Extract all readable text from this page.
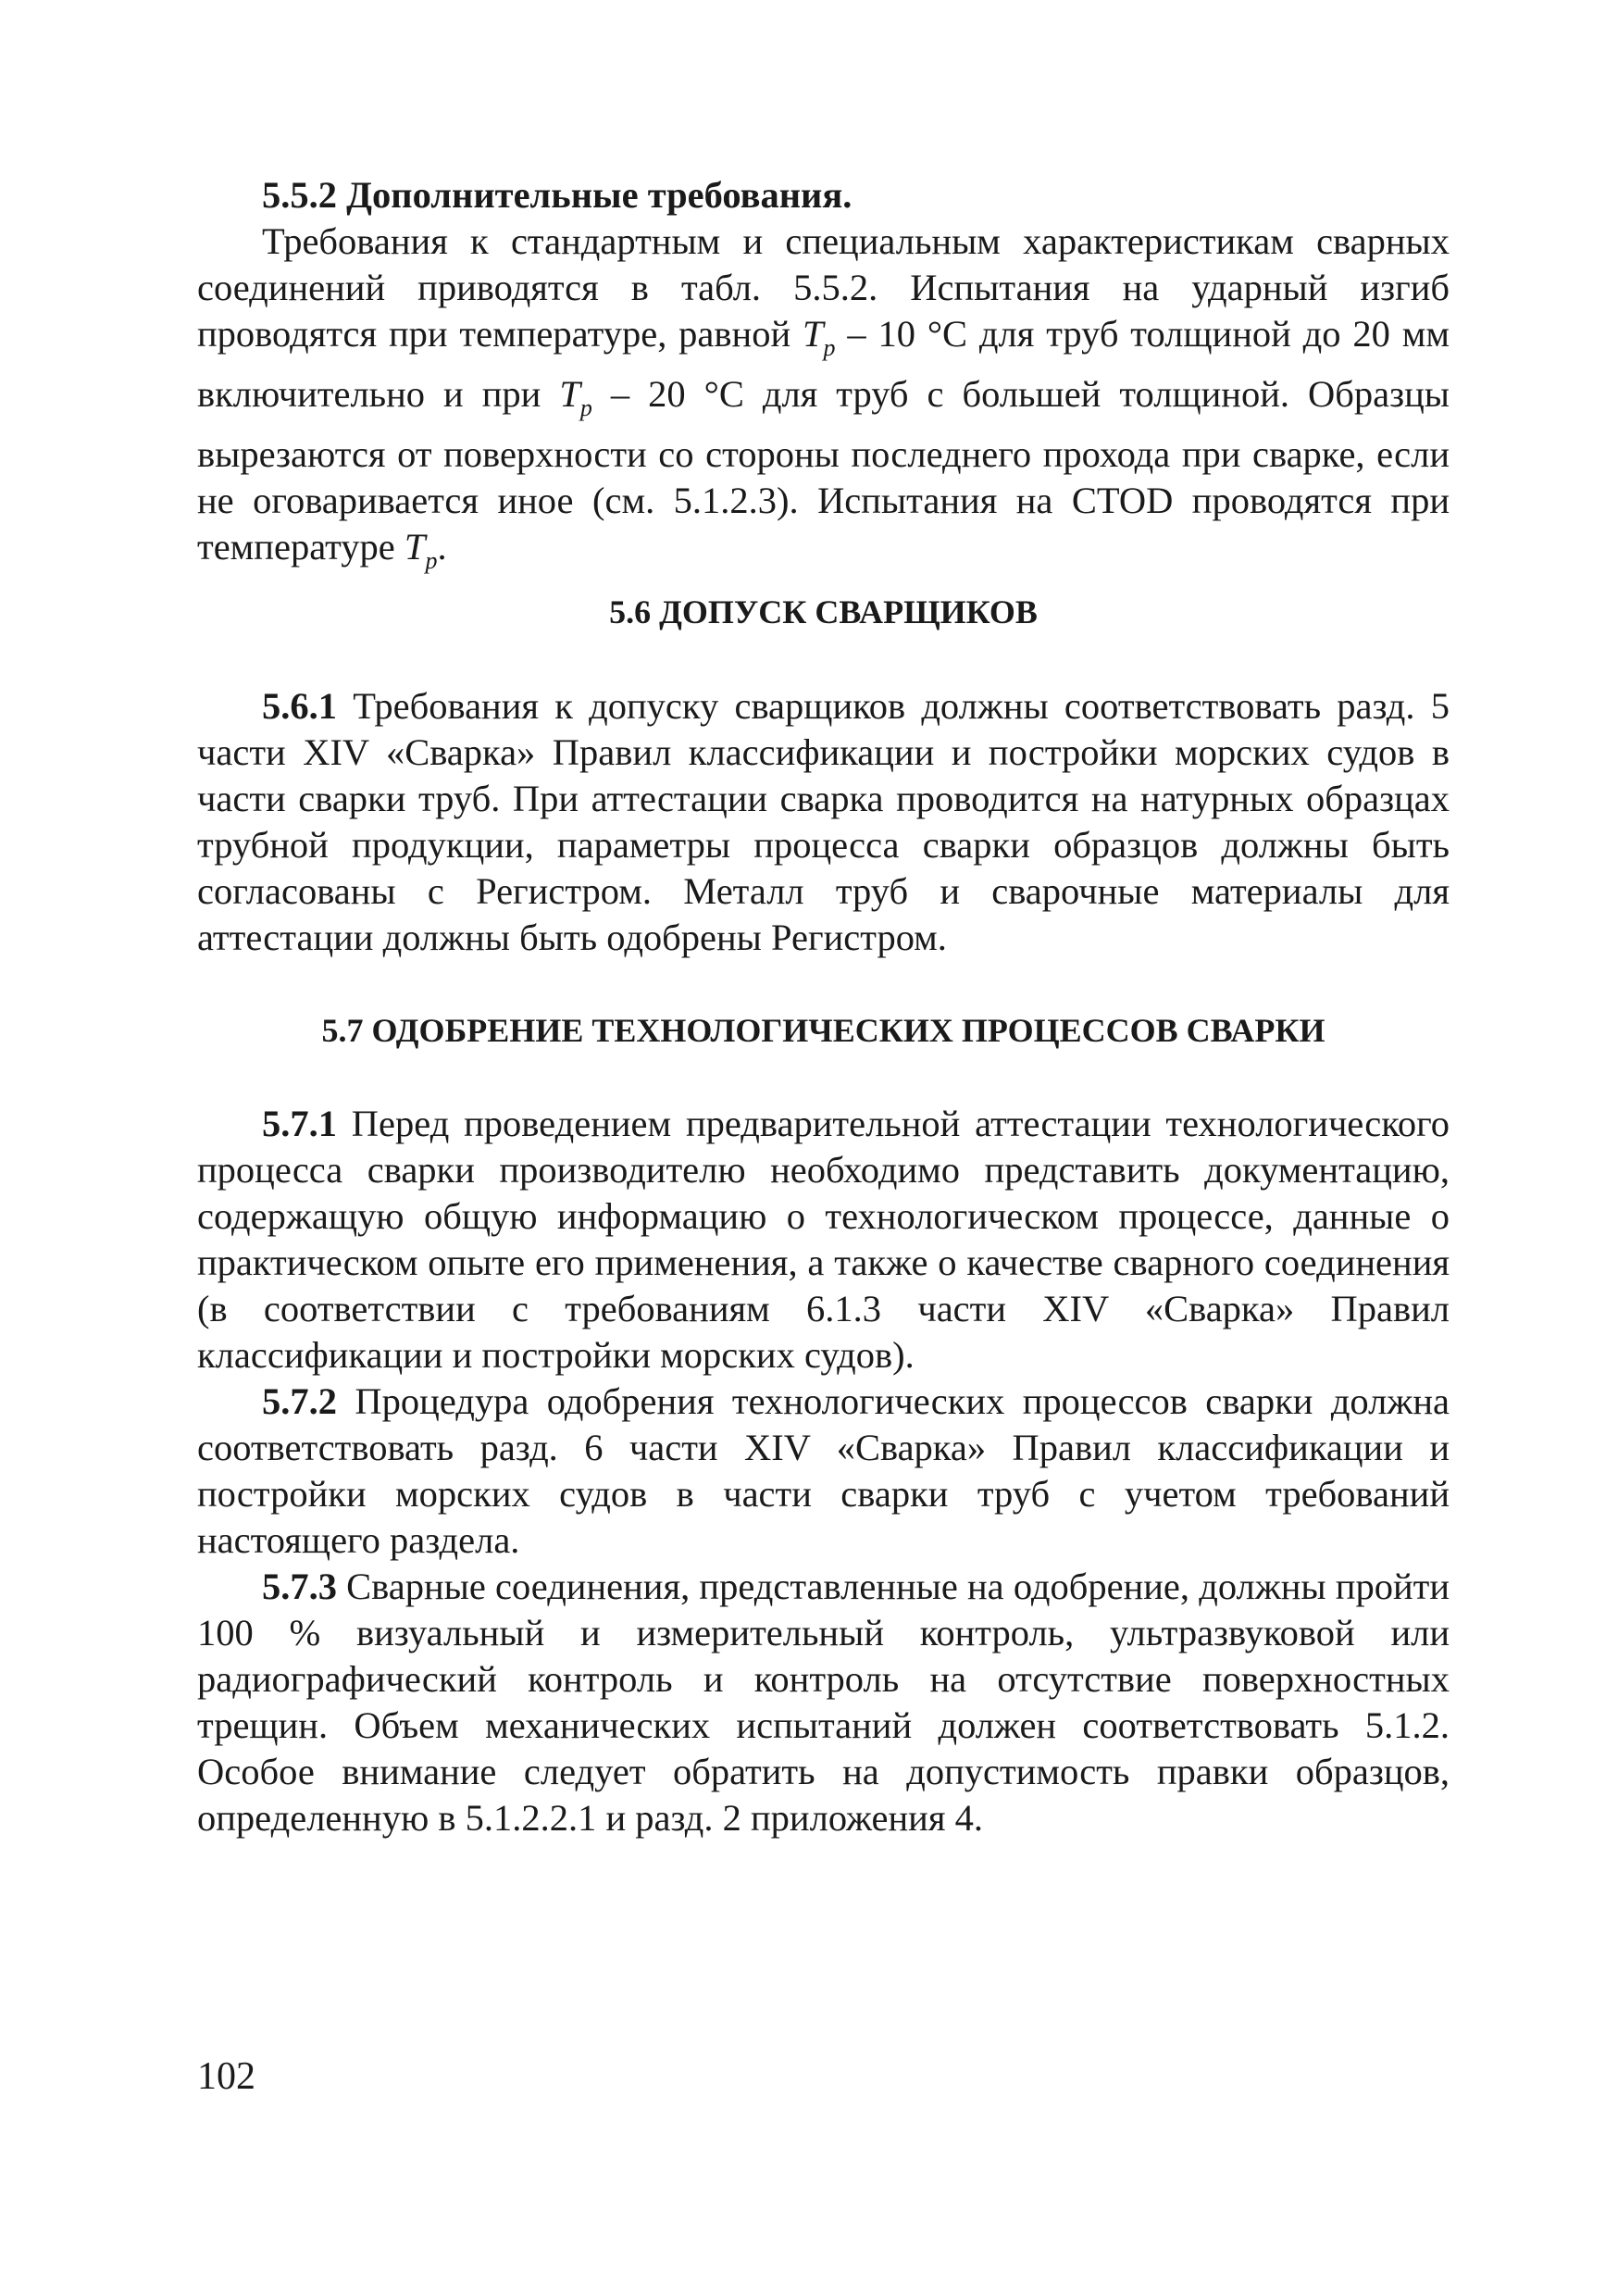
5.5.2 Дополнительные требования.

Требования к стандартным и специальным характеристикам сварных соединений приводятся в табл. 5.5.2. Испытания на ударный изгиб проводятся при температуре, равной $T_p - 10$ °C для труб толщиной до 20 мм включительно и при $T_p - 20$ °C для труб с большей толщиной. Образцы вырезаются от поверхности со стороны последнего прохода при сварке, если не оговаривается иное (см. 5.1.2.3). Испытания на CTOD проводятся при температуре $T_p$.

5.6 ДОПУСК СВАРЩИКОВ

5.6.1 Требования к допуску сварщиков должны соответствовать разд. 5 части XIV «Сварка» Правил классификации и постройки морских судов в части сварки труб. При аттестации сварка проводится на натурных образцах трубной продукции, параметры процесса сварки образцов должны быть согласованы с Регистром. Металл труб и сварочные материалы для аттестации должны быть одобрены Регистром.

5.7 ОДОБРЕНИЕ ТЕХНОЛОГИЧЕСКИХ ПРОЦЕССОВ СВАРКИ

5.7.1 Перед проведением предварительной аттестации технологического процесса сварки производителю необходимо представить документацию, содержащую общую информацию о технологическом процессе, данные о практическом опыте его применения, а также о качестве сварного соединения (в соответствии с требованиям 6.1.3 части XIV «Сварка» Правил классификации и постройки морских судов).

5.7.2 Процедура одобрения технологических процессов сварки должна соответствовать разд. 6 части XIV «Сварка» Правил классификации и постройки морских судов в части сварки труб с учетом требований настоящего раздела.

5.7.3 Сварные соединения, представленные на одобрение, должны пройти 100 % визуальный и измерительный контроль, ультразвуковой или радиографический контроль и контроль на отсутствие поверхностных трещин. Объем механических испытаний должен соответствовать 5.1.2. Особое внимание следует обратить на допустимость правки образцов, определенную в 5.1.2.2.1 и разд. 2 приложения 4.

102
